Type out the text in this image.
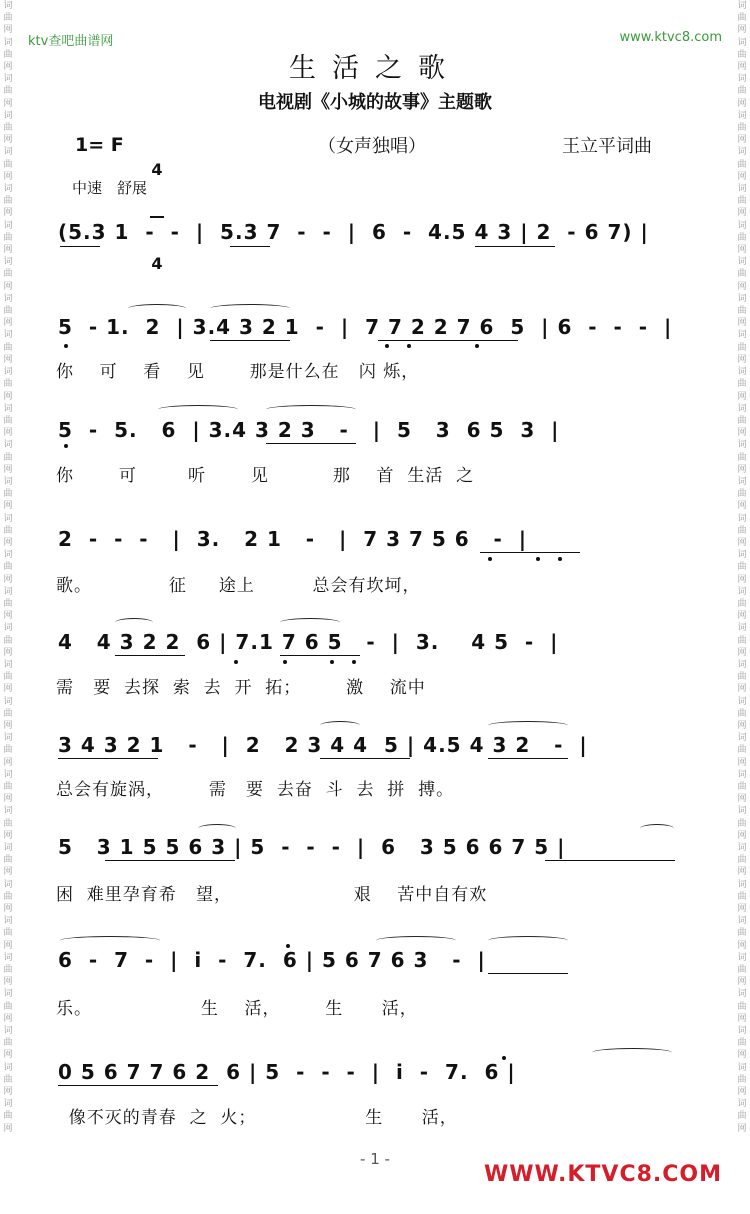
词曲网词曲网词曲网词曲网词曲网词曲网词曲网词曲网词曲网词曲网词曲网词曲网词曲网词曲网词曲网词曲网词曲网词曲网词曲网词曲网词曲网词曲网词曲网词曲网词曲网词曲网词曲网词曲网词曲网词曲网词曲网
词曲网词曲网词曲网词曲网词曲网词曲网词曲网词曲网词曲网词曲网词曲网词曲网词曲网词曲网词曲网词曲网词曲网词曲网词曲网词曲网词曲网词曲网词曲网词曲网词曲网词曲网词曲网词曲网词曲网词曲网词曲网
ktv查吧曲谱网	www.ktvc8.com
生活之歌
电视剧《小城的故事》主题歌
1= F

4

4

（女声独唱）	王立平词曲
中速　舒展
(5.3 1  -  -  |  5.3 7  -  -  |  6  -  4.5 4 3 | 2  - 6 7) |
5  - 1.  2  | 3.4 3 2 1  -  |  7 7 2 2 7 6  5  | 6  -  -  -  |
你    可    看    见       那是什么在   闪 烁，
5  -  5.   6  | 3.4 3 2 3   -   |  5   3  6 5  3  |
你       可        听       见          那    首  生活  之
2  -  -  -   |  3.   2 1   -   |  7 3 7 5 6   -  |
歌。            征     途上         总会有坎坷，
4   4 3 2 2  6 | 7.1 7 6 5   -  |  3.    4 5  -  |
需   要  去探  索  去  开  拓；       激    流中
3 4 3 2 1   -   |  2   2 3 4 4  5 | 4.5 4 3 2   -  |
总会有旋涡，       需   要  去奋  斗  去  拼  搏。
5   3 1 5 5 6 3 | 5  -  -  -  |  6   3 5 6 6 7 5 |
困  难里孕育希   望，                   艰    苦中自有欢
6  -  7  -  |  i  -  7.  6 | 5 6 7 6 3   -  |
乐。                 生    活，       生      活，
0 5 6 7 7 6 2  6 | 5  -  -  -  |  i  -  7.  6 |
像不灭的青春  之  火；                 生      活，
- 1 -
WWW.KTVC8.COM
